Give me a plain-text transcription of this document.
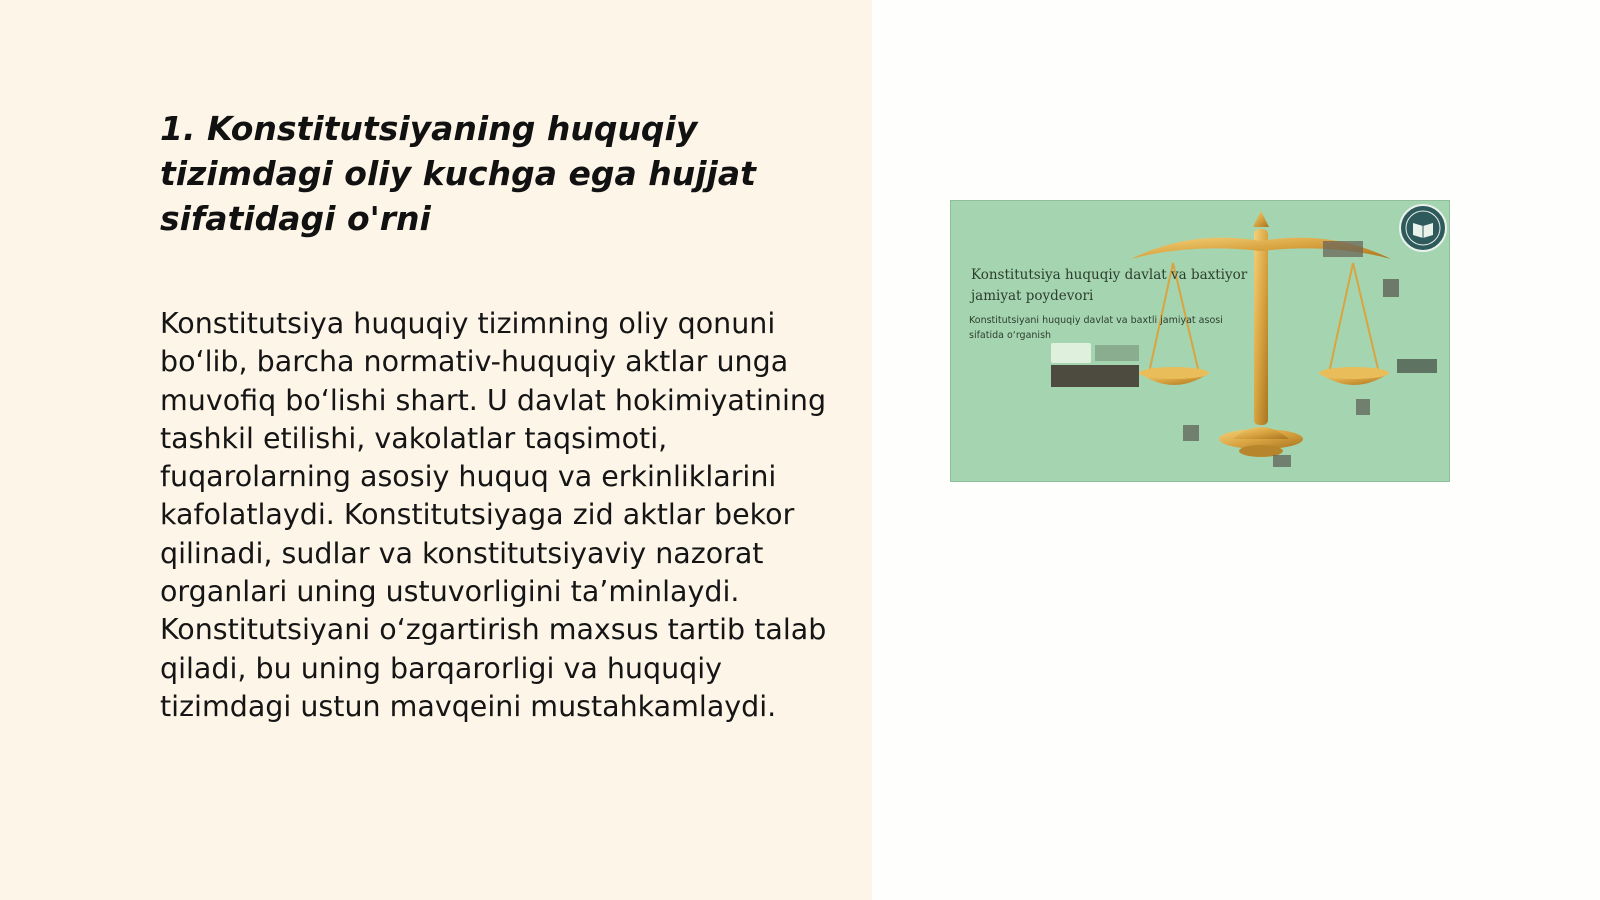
1. Konstitutsiyaning huquqiy tizimdagi oliy kuchga ega hujjat sifatidagi o'rni

Konstitutsiya huquqiy tizimning oliy qonuni bo‘lib, barcha normativ-huquqiy aktlar unga muvofiq bo‘lishi shart. U davlat hokimiyatining tashkil etilishi, vakolatlar taqsimoti, fuqarolarning asosiy huquq va erkinliklarini kafolatlaydi. Konstitutsiyaga zid aktlar bekor qilinadi, sudlar va konstitutsiyaviy nazorat organlari uning ustuvorligini ta’minlaydi. Konstitutsiyani o‘zgartirish maxsus tartib talab qiladi, bu uning barqarorligi va huquqiy tizimdagi ustun mavqeini mustahkamlaydi.

Konstitutsiya huquqiy davlat va baxtiyor jamiyat poydevori

Konstitutsiyani huquqiy davlat va baxtli jamiyat asosi sifatida o‘rganish
